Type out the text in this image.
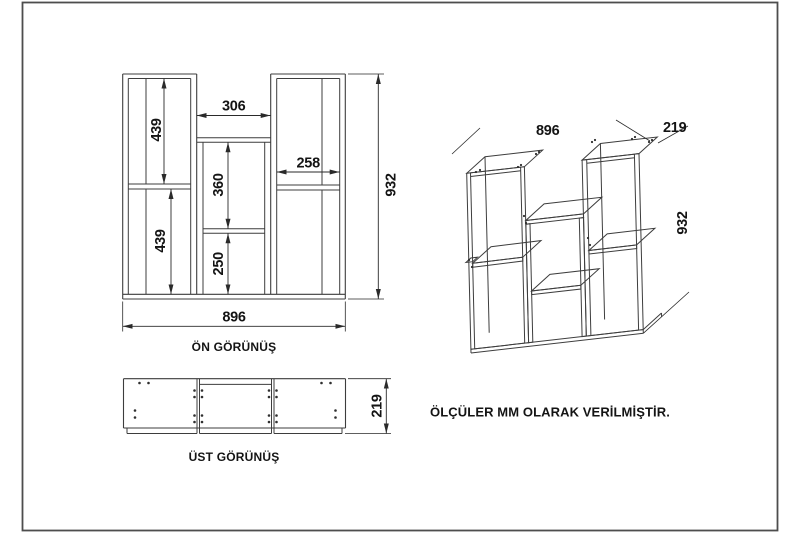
439
439
306
258
360
250
932
896
ÖN GÖRÜNÜŞ
219
ÜST GÖRÜNÜŞ
896	219
932
ÖLÇÜLER MM OLARAK VERİLMİŞTİR.
